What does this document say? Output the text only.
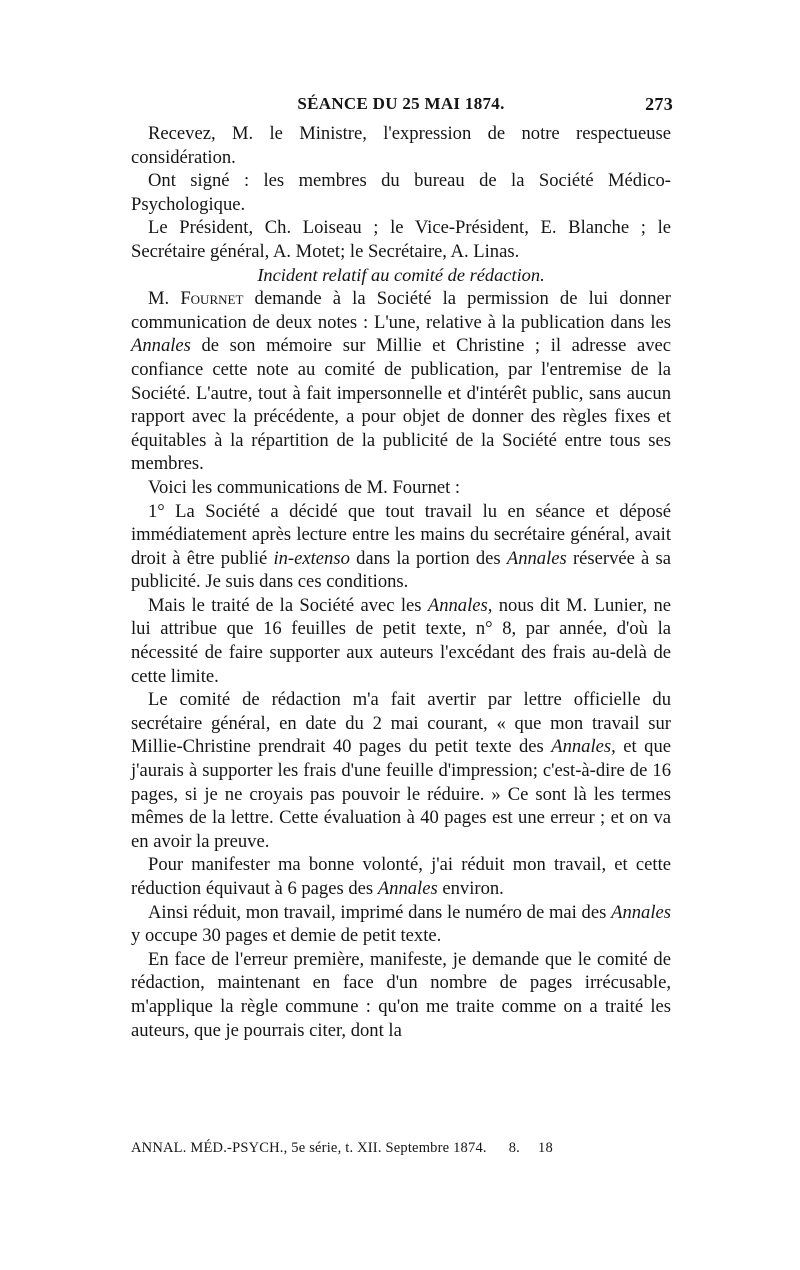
SÉANCE DU 25 MAI 1874.	273

Recevez, M. le Ministre, l'expression de notre respectueuse considération.

Ont signé : les membres du bureau de la Société Médico-Psychologique.

Le Président, Ch. Loiseau ; le Vice-Président, E. Blanche ; le Secrétaire général, A. Motet; le Secrétaire, A. Linas.

Incident relatif au comité de rédaction.

M. Fournet demande à la Société la permission de lui donner communication de deux notes : L'une, relative à la publication dans les Annales de son mémoire sur Millie et Christine ; il adresse avec confiance cette note au comité de publication, par l'entremise de la Société. L'autre, tout à fait impersonnelle et d'intérêt public, sans aucun rapport avec la précédente, a pour objet de donner des règles fixes et équitables à la répartition de la publicité de la Société entre tous ses membres.

Voici les communications de M. Fournet :

1° La Société a décidé que tout travail lu en séance et déposé immédiatement après lecture entre les mains du secrétaire général, avait droit à être publié in-extenso dans la portion des Annales réservée à sa publicité. Je suis dans ces conditions.

Mais le traité de la Société avec les Annales, nous dit M. Lunier, ne lui attribue que 16 feuilles de petit texte, n° 8, par année, d'où la nécessité de faire supporter aux auteurs l'excédant des frais au-delà de cette limite.

Le comité de rédaction m'a fait avertir par lettre officielle du secrétaire général, en date du 2 mai courant, « que mon travail sur Millie-Christine prendrait 40 pages du petit texte des Annales, et que j'aurais à supporter les frais d'une feuille d'impression; c'est-à-dire de 16 pages, si je ne croyais pas pouvoir le réduire. » Ce sont là les termes mêmes de la lettre. Cette évaluation à 40 pages est une erreur ; et on va en avoir la preuve.

Pour manifester ma bonne volonté, j'ai réduit mon travail, et cette réduction équivaut à 6 pages des Annales environ.

Ainsi réduit, mon travail, imprimé dans le numéro de mai des Annales y occupe 30 pages et demie de petit texte.

En face de l'erreur première, manifeste, je demande que le comité de rédaction, maintenant en face d'un nombre de pages irrécusable, m'applique la règle commune : qu'on me traite comme on a traité les auteurs, que je pourrais citer, dont la

ANNAL. MÉD.-PSYCH., 5e série, t. XII. Septembre 1874. 8. 18
